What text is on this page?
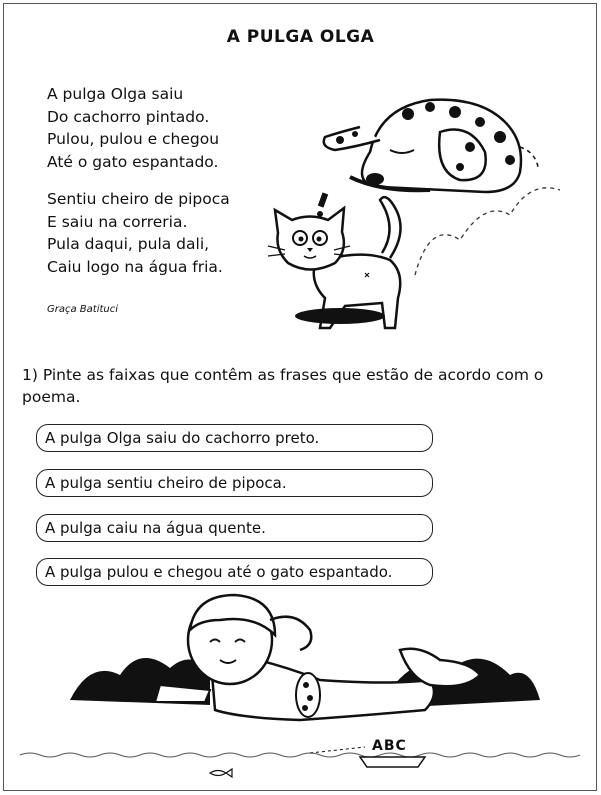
A PULGA OLGA
A pulga Olga saiu
Do cachorro pintado.
Pulou, pulou e chegou
Até o gato espantado.
Sentiu cheiro de pipoca
E saiu na correria.
Pula daqui, pula dali,
Caiu logo na água fria.
Graça Batituci
1) Pinte as faixas que contêm as frases que estão de acordo com o poema.
A pulga Olga saiu do cachorro preto.
A pulga sentiu cheiro de pipoca.
A pulga caiu na água quente.
A pulga pulou e chegou até o gato espantado.
ABC
